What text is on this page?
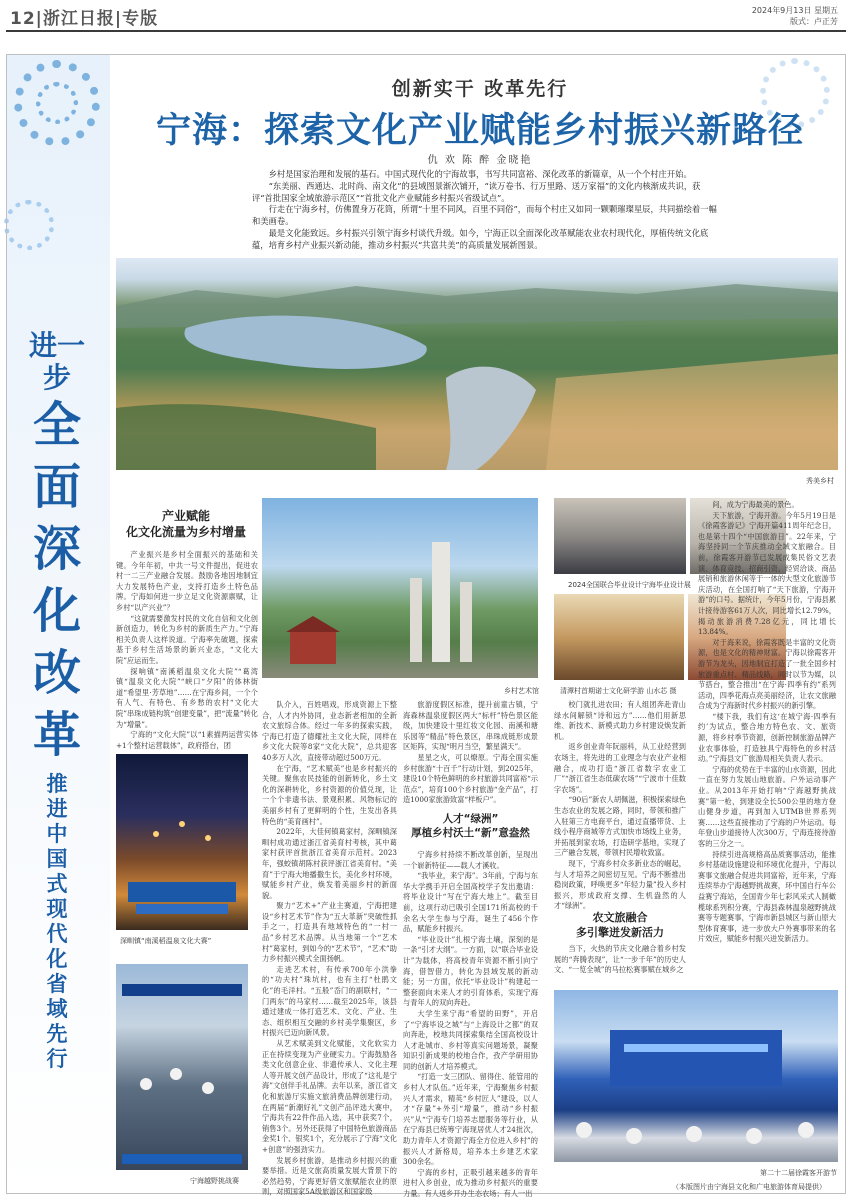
12|浙江日报|专版	2024年9月13日 星期五
版式：卢正芳
进一步
全
面
深
化
改
革
推
进
中
国
式
现
代
化
省
域
先
行
创新实干 改革先行
宁海：探索文化产业赋能乡村振兴新路径
仇 欢 陈 醉 金晓艳

乡村是国家治理和发展的基石。中国式现代化的宁海故事，书写共同富裕、深化改革的新篇章，从一个个村庄开始。

“东美丽、西通达、北时尚、南文化”的县域图景渐次铺开，“读万卷书、行万里路、送万家福”的文化内核渐成共识，获评“首批国家全域旅游示范区”“首批文化产业赋能乡村振兴省级试点”。

行走在宁海乡村，仿佛置身万花筒，所谓“十里不同风，百里不同俗”，而每个村庄又如同一颗颗璀璨星辰，共同描绘着一幅和美画卷。

最是文化能致远。乡村振兴引领宁海乡村谈代升级。如今，宁海正以全面深化改革赋能农业农村现代化，厚植传统文化底蕴，培育乡村产业振兴新动能，推动乡村振兴“共富共美”的高质量发展新图景。

秀美乡村
产业赋能
化文化流量为乡村增量

产业振兴是乡村全面振兴的基础和关键。今年年初，中共一号文件提出，促进农村一二三产业融合发展。鼓励各地因地制宜大力发展特色产业，支持打造乡土特色品牌。宁海如何进一步立足文化资源禀赋，让乡村“以产兴业”？

“这就需要激发村民的文化自信和文化创新创造力，转化为乡村的新质生产力。”宁海相关负责人这样说道。宁海率先破题，探索基于乡村生活场景的新兴业态，“文化大院”应运而生。

探响镇“南溪稻温泉文化大院”“葛湾镇“温泉文化大院”“峡口“夕阳”的体林街道“希望里·芳草地”……在宁海乡间，一个个有人气、有特色、有乡愁的农村“文化大院”串珠成链构筑“创建变量”，把“流量”转化为“增量”。

宁海的“文化大院”以“1素描两运营实体+1个整村运营载体”，政府搭台，团

深甽镇“南溪稻温泉文化大赛”
宁海越野挑战赛
乡村艺术馆

队介入，百姓唱戏，形成资源上下整合，人才内外协同，业态新老相加的全新农文旅综合体。经过一年多的探索实践，宁海已打造了德耀社主文化大院，同样在乡文化大院等8家“文化大院”，总共迎客40多万人次，直接带动超过500万元。

在宁海，“艺术赋美”也是乡村振兴的关键。聚焦农民技能的创新转化，乡土文化的深耕转化，乡村资源的价值兑现，让一个个非遗书法、景观积累、风物标记的美丽乡村有了更鲜明的个性，生发出各具特色的“美育画村”。

2022年，大佳何镇葛家村，深甽镇深甽村成功通过浙江省美育村考核，其中葛家村获评首批浙江省美育示范村。2023年，强蛟镇胡陈村获评浙江省美育村。“美育”于宁海大地播撒生长，美化乡村环境，赋能乡村产业，焕发着美丽乡村的新面貌。

聚力“艺术+”产业主赛道，宁海把建设“乡村艺术节”作为“五大革新”突破性抓手之一，打造具有地域特色的“一村一品”乡村艺术品牌。从当地第一个“艺术村”葛家村，到如今的“艺术节”，“艺术”助力乡村振兴模式全面扬帆。

走进艺术村，有传承700年小洪拳的“功夫村”珠坑村，也有主打“杜鹃文化”的毛洋村。“五般”岙门的副联村，“一门两东”的马家村……截至2025年，该县通过建成一体打造艺术、文化、产业、生态、组织相互交融的乡村美学集聚区，乡村振兴已迈向新风景。

从艺术赋美到文化赋能，文化软实力正在持续变现为产业硬实力。宁海鼓励各类文化创意企业、非遗传承人、文化主理人等开展文创产品设计，形成了“这礼是宁海”文创伴手礼品牌。去年以来，浙江省文化和旅游厅实施文旅消费品牌创建行动，在两届“新潮好礼”文创产品评选大赛中，宁海共有22件作品入选，其中获奖7个，销售3个。另外还获得了中国特色旅游商品金奖1个、银奖1个，充分展示了宁海“文化+创意”的强劲实力。

发展乡村旅游，是推动乡村振兴的重要举措。近是文旅高质量发展大背景下的必然趋势，宁海更好借文旅赋能农业的原则，对照国家5A级旅游区和国家级

旅游度假区标准，提升前童古镇，宁海森林温泉度假区两大“标杆”特色景区能级，加快建设十里红妆文化园、南溪和塘乐园等“精品”特色景区，串珠成链形成景区矩阵，实现“明月当空，繁星满天”。

星星之火，可以燎原。宁海全面实施乡村旅游“十百千”行动计划，到2025年，建设10个特色鲜明的乡村旅游共同富裕“示范点”，培育100个乡村旅游“金产品”，打造1000家旅游致富“样板户”。

人才“绿洲”
厚植乡村沃土“新”意盎然

宁海乡村持续不断改革创新，呈现出一个崭新特征——载人才溪收。

“我毕业，来宁海”。3年前，宁海与东华大学携手开启全国高校学子发出邀请：将毕业设计“写在宁海大地上”。截至目前，这项行动已吸引全国171所高校的千余名大学生参与宁海，诞生了456个作品，赋能乡村振兴。

“毕业设计”扎根宁海土壤，深刻的是一条“引才大纲”。一方面，以“联合毕业设计”为载体，将高校青年资源不断引向宁海，借智借力，转化为县域发展的新动能；另一方面，依托“毕业设计”构建起一整套面向未来人才的引育体系，实现宁海与青年人的双向奔赴。

大学生来宁海“希望的田野”，开启了“宁海毕设之城”与“上海设计之都”的双向奔赴，校地共同探索集结全国高校设计人才赴城市、乡村等真实问题场景，凝聚知识引新成果的校地合作，孜产学研用协同的创新人才培养模式。

“打造一支三团队、留得住、能管用的乡村人才队伍。”近年来，宁海聚焦乡村振兴人才需求，精英“乡村匠人”建设，以人才“存量”+外引“增量”，推动“乡村振兴”从“宁海专门培养志愿服务等行业，从在宁海县已统筹宁海现居优人才24批次，助力青年人才资源宁海全方位进入乡村”的振兴人才新格局，培养本土乡建艺术家300余名。

宁海的乡村，正吸引越来越多的青年进村入乡创业，成为推动乡村振兴的重要力量。有人返乡开办生态农场；有人一出

2024全国联合毕业设计宁海毕业设计展
清潭村首期诺士文化研学游 山水芯 摄

校门就扎进农田；有人组团奔赴青山绿水间解锁“诗和远方”……他们用新思维、新技术、新模式助力乡村建设焕发新机。

返乡创业青年阮丽科，从工业经营到农场主，将先进的工业理念与农业产业相融合，成功打造“浙江省数字农业工厂”“浙江省生态低碳农场”“宁波市十佳数字农场”。

“90后”新农人胡佩滋，积极探索绿色生态农业的发展之路，同时，带领和推广入驻第三方电商平台，通过直播带货、上线小程序商城等方式加快市场线上业务，并拓展到家农场，打造研学基地，实现了三产融合发展，带领村民增收致富。

现下，宁海乡村众多新业态的崛起，与人才培养之间密切互见。宁海不断推出稳岗政策，呼唤更多“年轻力量”投入乡村振兴，形成政府支撑、生机盎然的人才“绿洲”。

农文旅融合
多引擎迸发新活力

当下，火热的节庆文化融合着乡村发展的“奔腾表现”，让“一步千年”的历史人文、“一览全城”的马拉松赛事赋在城乡之

间，成为宁海最美的景色。

天下旅游，宁海开游。今年5月19日是《徐霞客游记》宁海开篇411周年纪念日，也是第十四个“中国旅游日”。22年来，宁海坚持同一个节庆推动全域文旅融合。目前，徐霞客开游节已发展成集民俗文艺表演、体育竞技、招商引资、经贸洽谈、商品展销和旅游休闲等于一体的大型文化旅游节庆活动，在全国打响了“天下旅游，宁海开游”的口号。据统计，今年5月份，宁海县累计接待游客61万人次，同比增长12.79%，揭动旅游消费7.28亿元，同比增长13.84%。

对于海来说，徐霞客既是丰富的文化资源，也是文化的精神财富。宁海以徐霞客开游节为龙头，因地制宜打造了一批全国乡村旅游重点村、精品线路，同时以节为媒，以节搭台，整合推出“在宁海·四季有约”系列活动，四季花海点亮美丽经济，让农文旅融合成为宁海新时代乡村振兴的新引擎。

“楼下我，我们有这‘在城宁海·四季有约’为试点，整合地方特色农、文、旅资源，将乡村季节资源，创新控制旅游品牌产业农事体验，打造独具宁海特色的乡村活动。”宁海县文广旅游局相关负责人表示。

宁海的优势在于丰富的山水资源，因此一直在努力发展山地旅游。户外运动事产业。从2013年开始打响“宁海越野挑战赛”第一枪，到建设全长500公里的地方登山健身步道，再到加入UTMB世界系列赛……这些直接推动了宁海的户外运动。每年登山步道接待人次300万，宁海连接待游客的三分之一。

持续引进高规格高品质赛事活动，能推乡村基础设施建设和环境优化提升，宁海以赛事文旅融合促进共同富裕，近年来，宁海连续举办宁海越野挑战赛，环中国自行车公益赛宁海站，全国青少年七彩风采式人制橄榄球系列积分赛，宁海县森林温泉越野挑战赛等专题赛事，宁海市新县城区与新山原大型体育赛事，进一步放大户外赛事带来的名片效应，赋能乡村振兴迸发新活力。

第二十二届徐霞客开游节
（本版图片由宁海县文化和广电旅游体育局提供）
